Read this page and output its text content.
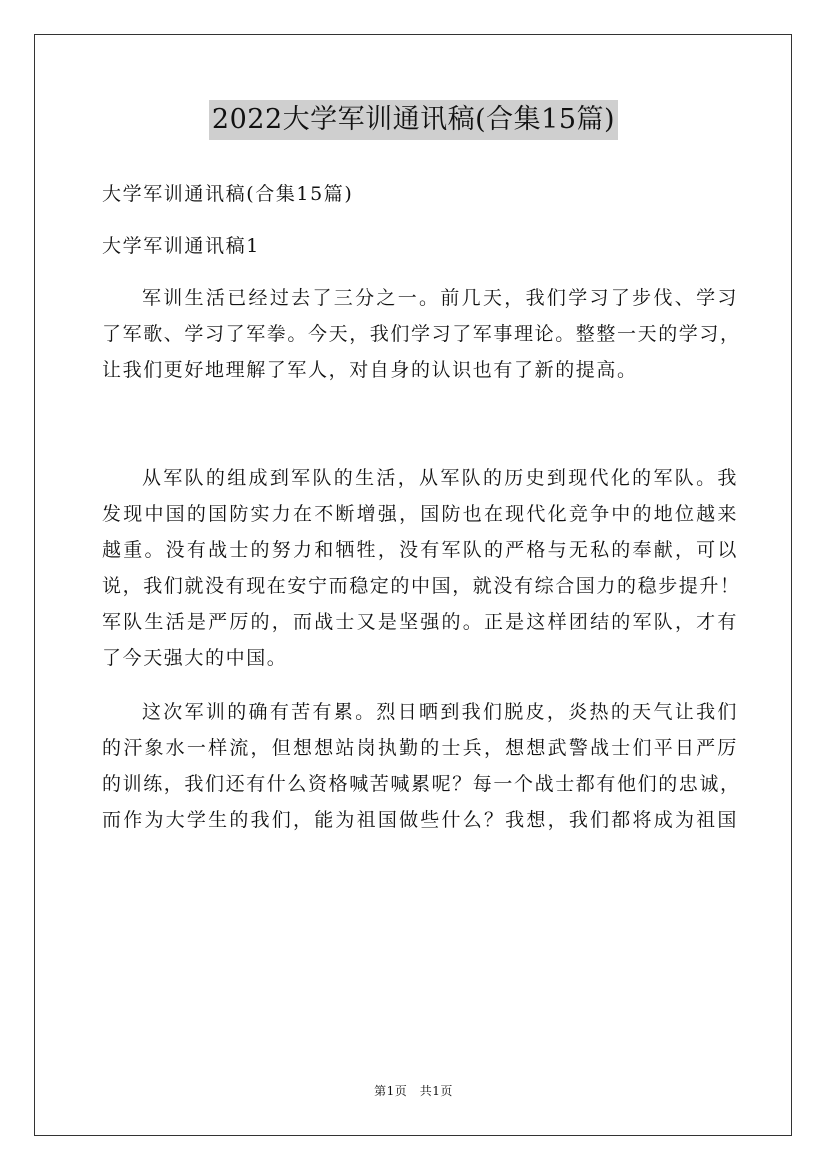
2022大学军训通讯稿(合集15篇)
大学军训通讯稿(合集15篇)
大学军训通讯稿1
军训生活已经过去了三分之一。前几天，我们学习了步伐、学习
了军歌、学习了军拳。今天，我们学习了军事理论。整整一天的学习，
让我们更好地理解了军人，对自身的认识也有了新的提高。
从军队的组成到军队的生活，从军队的历史到现代化的军队。我
发现中国的国防实力在不断增强，国防也在现代化竞争中的地位越来
越重。没有战士的努力和牺牲，没有军队的严格与无私的奉献，可以
说，我们就没有现在安宁而稳定的中国，就没有综合国力的稳步提升！
军队生活是严厉的，而战士又是坚强的。正是这样团结的军队，才有
了今天强大的中国。
这次军训的确有苦有累。烈日晒到我们脱皮，炎热的天气让我们
的汗象水一样流，但想想站岗执勤的士兵，想想武警战士们平日严厉
的训练，我们还有什么资格喊苦喊累呢？每一个战士都有他们的忠诚，
而作为大学生的我们，能为祖国做些什么？我想，我们都将成为祖国
第1页　共1页
